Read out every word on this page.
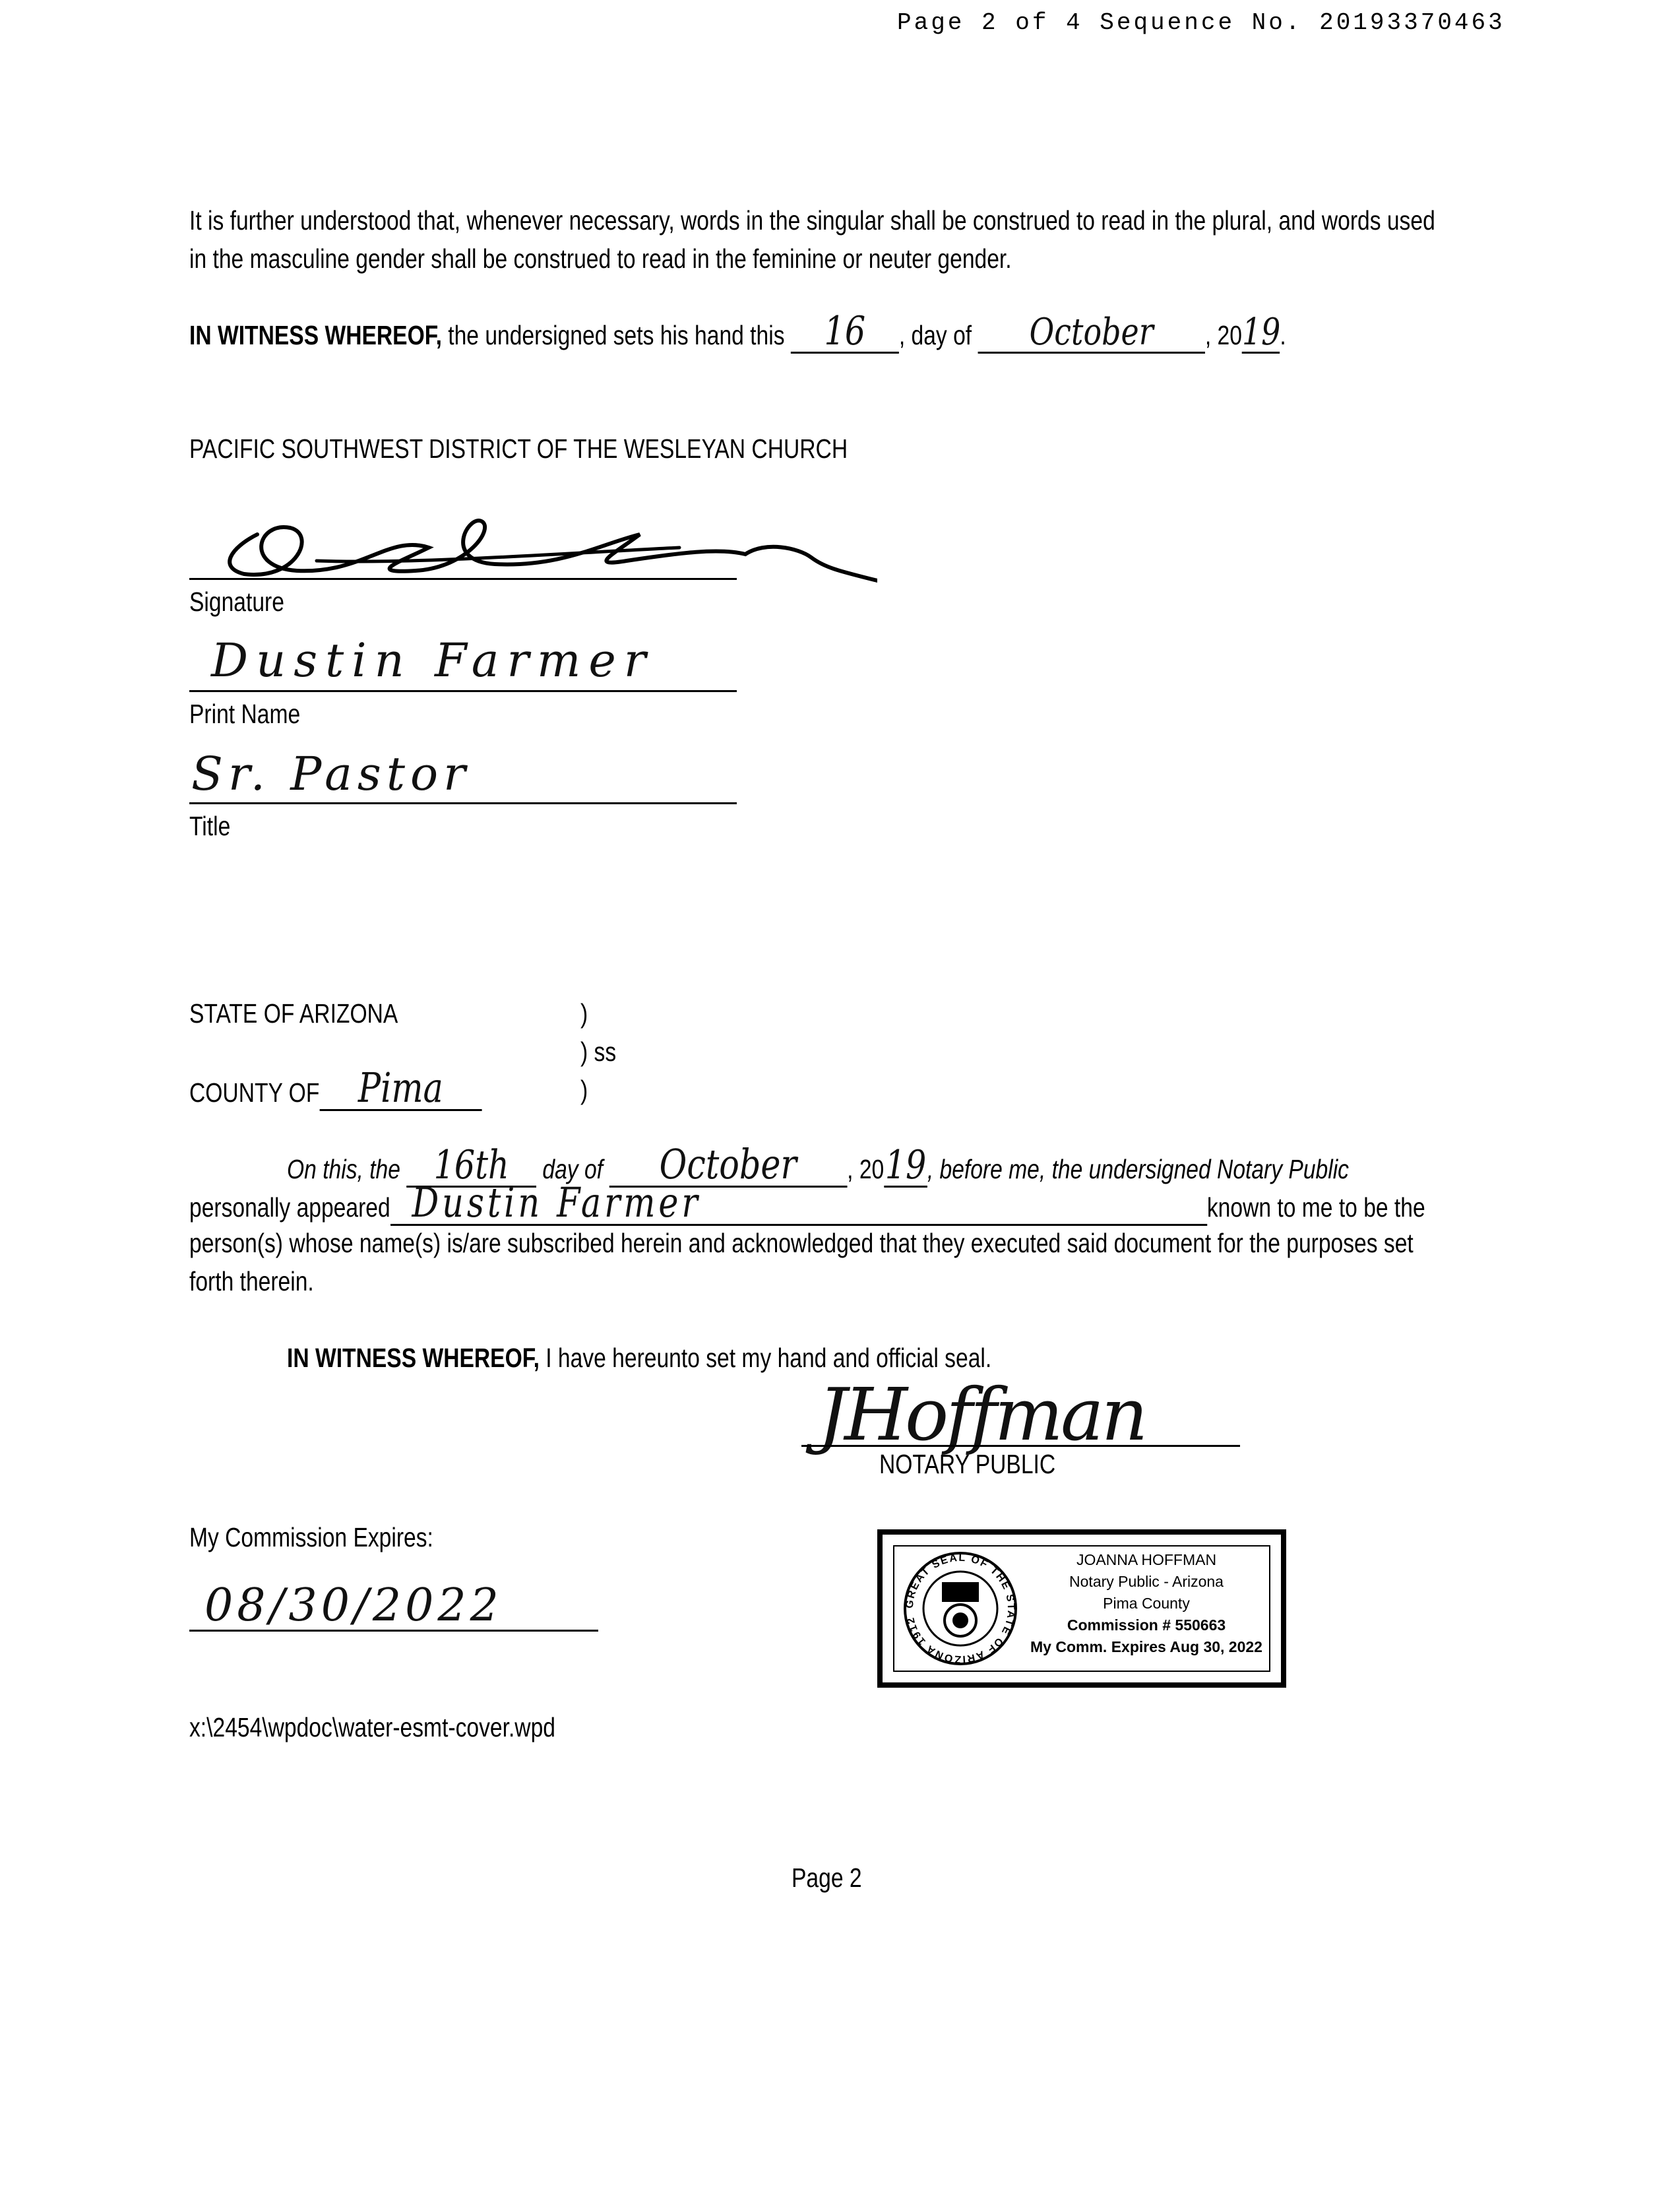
Page 2 of 4 Sequence No. 20193370463
It is further understood that, whenever necessary, words in the singular shall be construed to read in the plural, and words used
in the masculine gender shall be construed to read in the feminine or neuter gender.
IN WITNESS WHEREOF, the undersigned sets his hand this 16 , day of October , 2019.
PACIFIC SOUTHWEST DISTRICT OF THE WESLEYAN CHURCH
Signature
Dustin Farmer
Print Name
Sr. Pastor
Title
STATE OF ARIZONA	)
) ss
COUNTY OF Pima	)
On this, the 16th day of October , 2019, before me, the undersigned Notary Public
personally appeared Dustin Farmer	known to me to be the
person(s) whose name(s) is/are subscribed herein and acknowledged that they executed said document for the purposes set
forth therein.
IN WITNESS WHEREOF, I have hereunto set my hand and official seal.
JHoffman
NOTARY PUBLIC
My Commission Expires:
08/30/2022	GREAT SEAL OF THE STATE OF ARIZONA 1912
JOANNA HOFFMAN
Notary Public - Arizona
Pima County
Commission # 550663
My Comm. Expires Aug 30, 2022
x:\2454\wpdoc\water-esmt-cover.wpd
Page 2
